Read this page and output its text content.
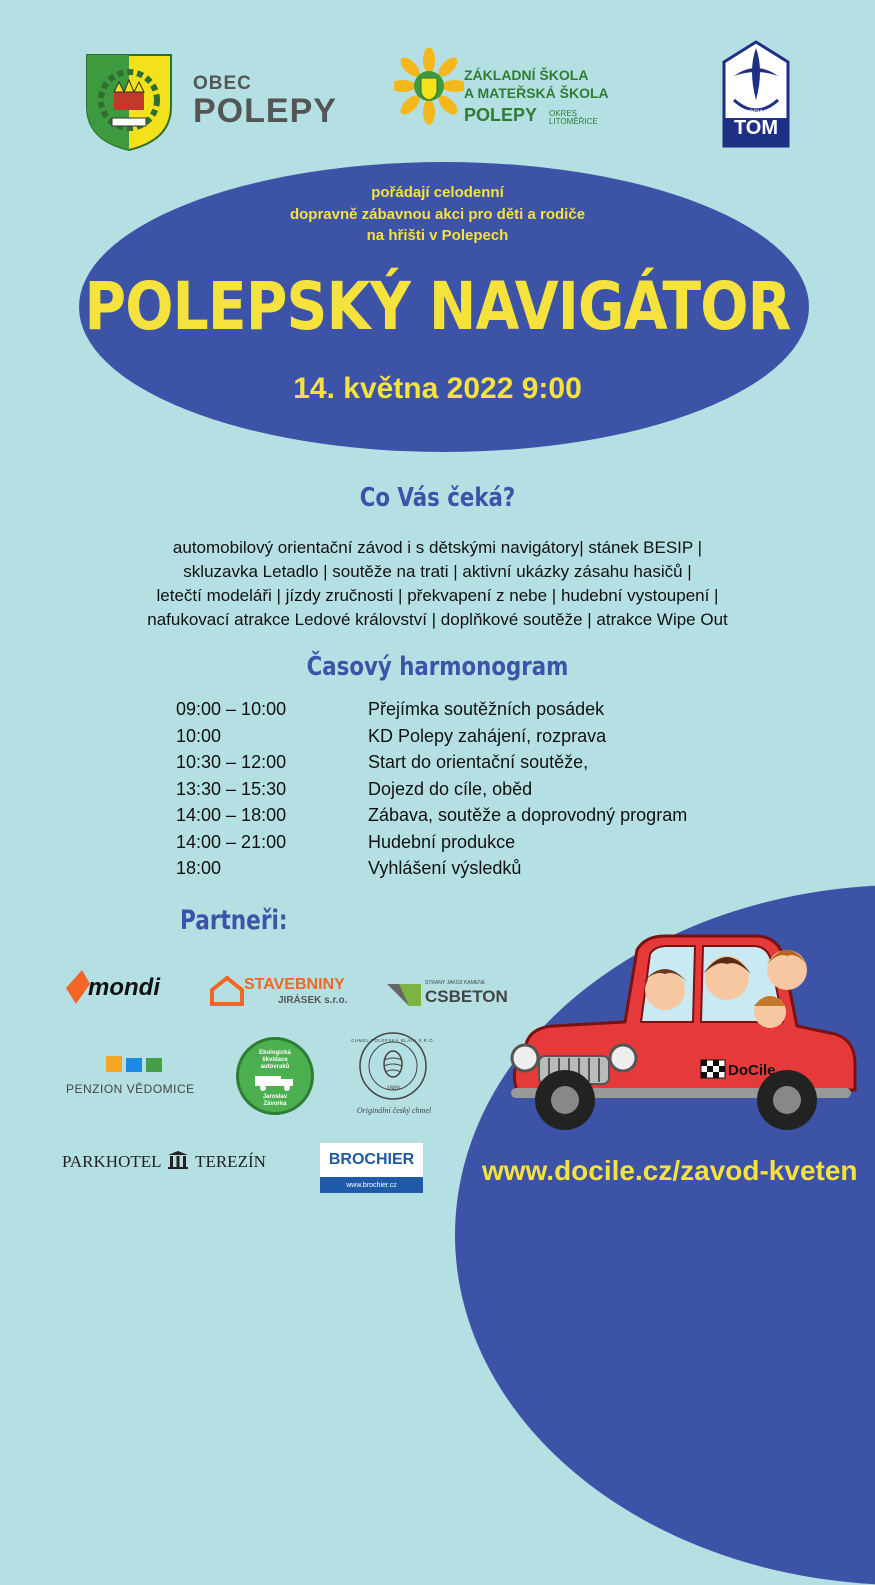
OBEC
POLEPY
ZÁKLADNÍ ŠKOLA
A MATEŘSKÁ ŠKOLA
POLEPY OKRES
LITOMĚŘICE
ASOCIACE
TOM
pořádají celodenní
dopravně zábavnou akci pro děti a rodiče
na hřišti v Polepech
POLEPSKÝ NAVIGÁTOR
14. května 2022 9:00
Co Vás čeká?
automobilový orientační závod i s dětskými navigátory| stánek BESIP |
skluzavka Letadlo | soutěže na trati | aktivní ukázky zásahu hasičů |
letečtí modeláři | jízdy zručnosti | překvapení z nebe | hudební vystoupení |
nafukovací atrakce Ledové království | doplňkové soutěže | atrakce Wipe Out
Časový harmonogram
09:00 – 10:00	Přejímka soutěžních posádek
10:00	KD Polepy zahájení, rozprava
10:30 – 12:00	Start do orientační soutěže,
13:30 – 15:30	Dojezd do cíle, oběd
14:00 – 18:00	Zábava, soutěže a doprovodný program
14:00 – 21:00	Hudební produkce
18:00	Vyhlášení výsledků
DoCile
Partneři:
mondi	STAVEBNINY
JIRÁSEK s.r.o.
STRANY JAKOZ KAMENE
CSBETON
PENZION VĚDOMICE
Ekologická
likvidace
autovraků
Jaroslav
Závorka
CHMEL POLEPSKÁ BLATA S.R.O.
1889
Originální český chmel
PARKHOTEL TEREZÍN	BROCHIER
www.brochier.cz	www.docile.cz/zavod-kveten
